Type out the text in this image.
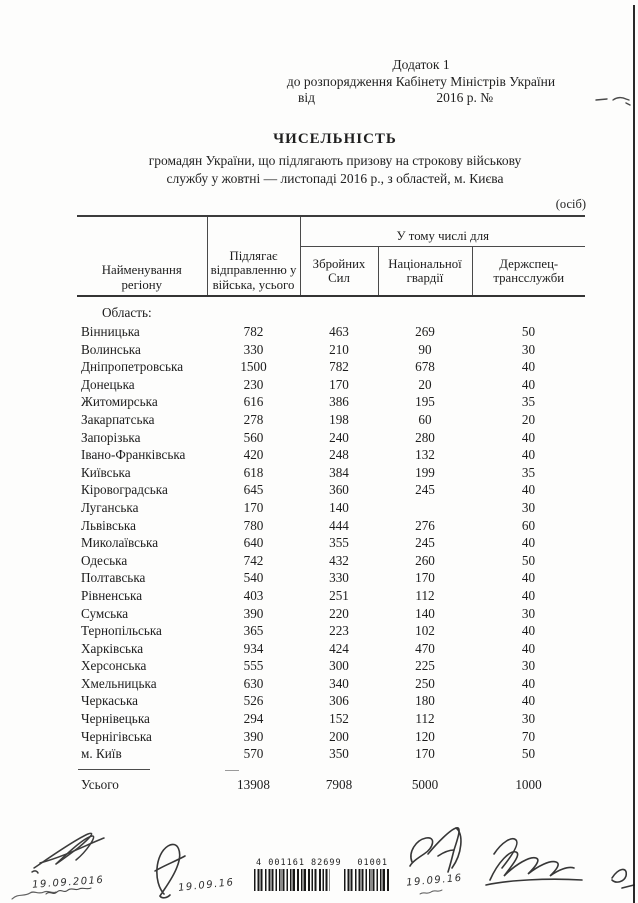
Додаток 1
до розпорядження Кабінету Міністрів України
від	2016 р. №
ЧИСЕЛЬНІСТЬ
громадян України, що підлягають призову на строкову військову
службу у жовтні — листопаді 2016 р., з областей, м. Києва
(осіб)
Найменування регіону	Підлягає відправленню у війська, усього	У тому числі для		
		Збройних Сил	Національної гвардії	Держспец-трансслужби
Область:				
Вінницька	782	463	269	50
Волинська	330	210	90	30
Дніпропетровська	1500	782	678	40
Донецька	230	170	20	40
Житомирська	616	386	195	35
Закарпатська	278	198	60	20
Запорізька	560	240	280	40
Івано-Франківська	420	248	132	40
Київська	618	384	199	35
Кіровоградська	645	360	245	40
Луганська	170	140		30
Львівська	780	444	276	60
Миколаївська	640	355	245	40
Одеська	742	432	260	50
Полтавська	540	330	170	40
Рівненська	403	251	112	40
Сумська	390	220	140	30
Тернопільська	365	223	102	40
Харківська	934	424	470	40
Херсонська	555	300	225	30
Хмельницька	630	340	250	40
Черкаська	526	306	180	40
Чернівецька	294	152	112	30
Чернігівська	390	200	120	70
м. Київ	570	350	170	50

Усього	13908	7908	5000	1000
19.09.2016	19.09.16
4 001161 82699 01001
19.09.16
